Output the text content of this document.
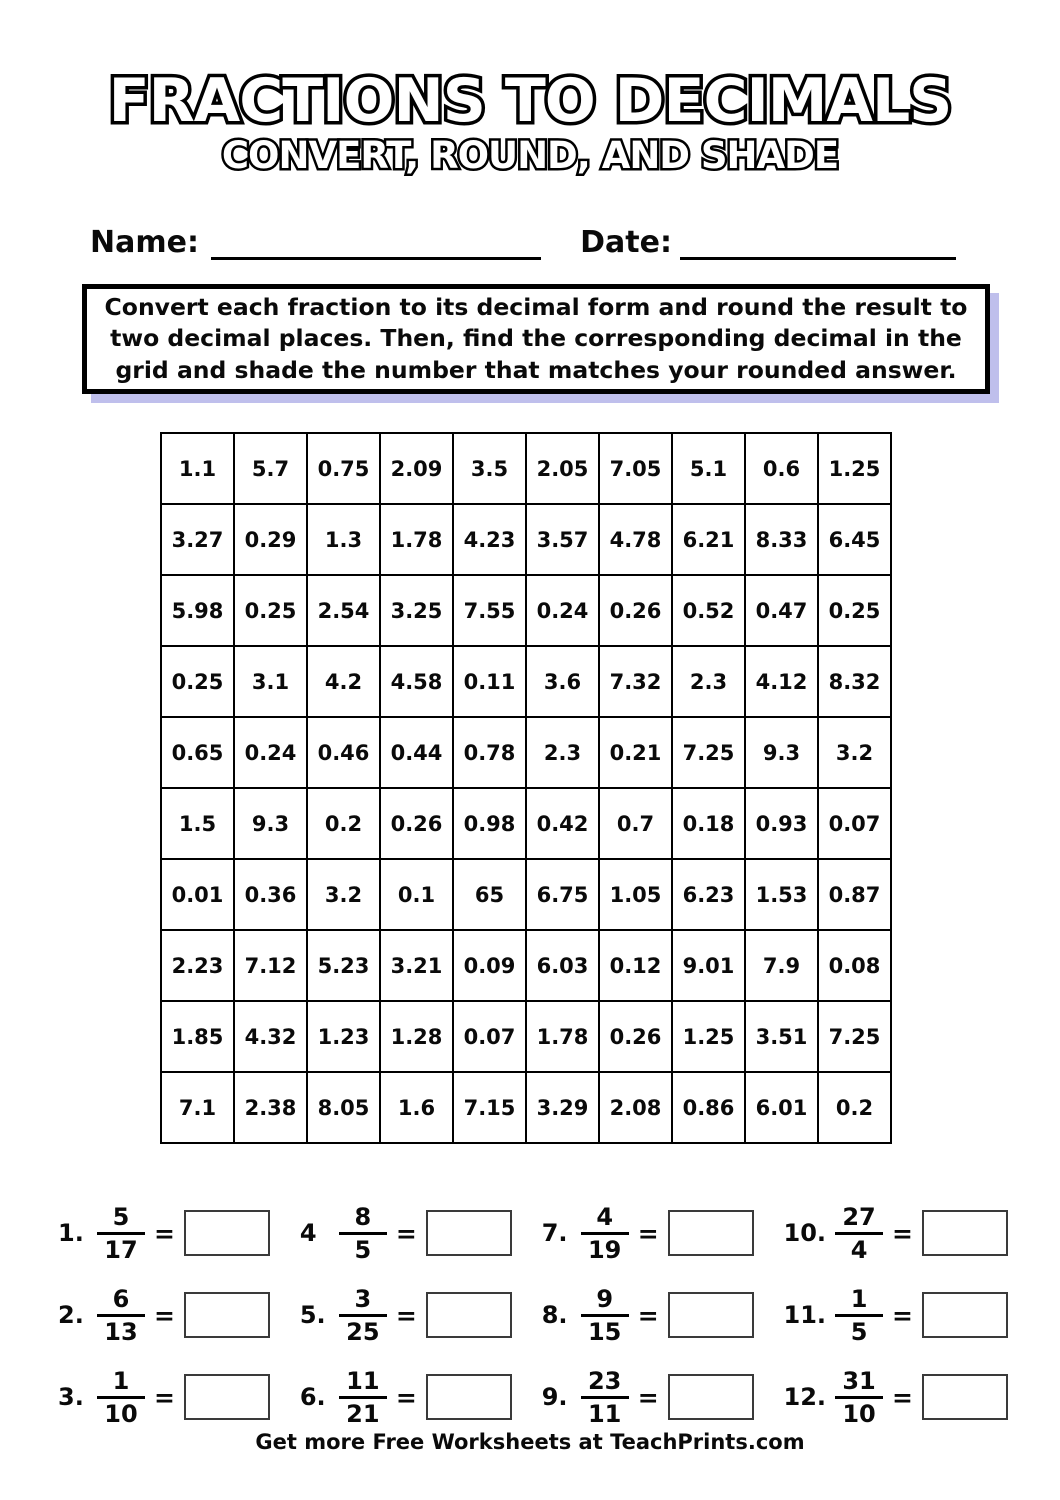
FRACTIONS TO DECIMALS
CONVERT, ROUND, AND SHADE
Name:	Date:

Convert each fraction to its decimal form and round the result to two decimal places. Then, find the corresponding decimal in the grid and shade the number that matches your rounded answer.

1.1	5.7	0.75	2.09	3.5	2.05	7.05	5.1	0.6	1.25
3.27	0.29	1.3	1.78	4.23	3.57	4.78	6.21	8.33	6.45
5.98	0.25	2.54	3.25	7.55	0.24	0.26	0.52	0.47	0.25
0.25	3.1	4.2	4.58	0.11	3.6	7.32	2.3	4.12	8.32
0.65	0.24	0.46	0.44	0.78	2.3	0.21	7.25	9.3	3.2
1.5	9.3	0.2	0.26	0.98	0.42	0.7	0.18	0.93	0.07
0.01	0.36	3.2	0.1	65	6.75	1.05	6.23	1.53	0.87
2.23	7.12	5.23	3.21	0.09	6.03	0.12	9.01	7.9	0.08
1.85	4.32	1.23	1.28	0.07	1.78	0.26	1.25	3.51	7.25
7.1	2.38	8.05	1.6	7.15	3.29	2.08	0.86	6.01	0.2
1. $\frac{5}{17}$ =
2. $\frac{6}{13}$ =
3. $\frac{1}{10}$ =
$4 \frac{8}{5}$ =
5. $\frac{3}{25}$ =
6. $\frac{11}{21}$ =
7. $\frac{4}{19}$ =
8. $\frac{9}{15}$ =
9. $\frac{23}{11}$ =
10. $\frac{27}{4}$ =
11. $\frac{1}{5}$ =
12. $\frac{31}{10}$ =

Get more Free Worksheets at TeachPrints.com
